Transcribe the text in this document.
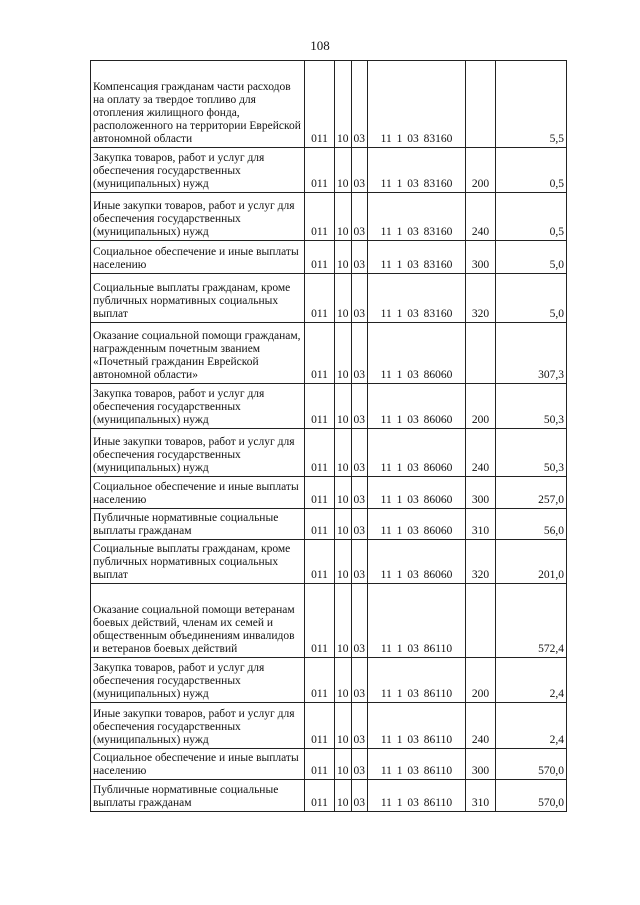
108
Компенсация гражданам части расходов на оплату за твердое топливо для отопления жилищного фонда, расположенного на территории Еврейской автономной области	011	10	03	11 1 03 83160		5,5
Закупка товаров, работ и услуг для обеспечения государственных (муниципальных) нужд	011	10	03	11 1 03 83160	200	0,5
Иные закупки товаров, работ и услуг для обеспечения государственных (муниципальных) нужд	011	10	03	11 1 03 83160	240	0,5
Социальное обеспечение и иные выплаты населению	011	10	03	11 1 03 83160	300	5,0
Социальные выплаты гражданам, кроме публичных нормативных социальных выплат	011	10	03	11 1 03 83160	320	5,0
Оказание социальной помощи гражданам, награжденным почетным званием «Почетный гражданин Еврейской автономной области»	011	10	03	11 1 03 86060		307,3
Закупка товаров, работ и услуг для обеспечения государственных (муниципальных) нужд	011	10	03	11 1 03 86060	200	50,3
Иные закупки товаров, работ и услуг для обеспечения государственных (муниципальных) нужд	011	10	03	11 1 03 86060	240	50,3
Социальное обеспечение и иные выплаты населению	011	10	03	11 1 03 86060	300	257,0
Публичные нормативные социальные выплаты гражданам	011	10	03	11 1 03 86060	310	56,0
Социальные выплаты гражданам, кроме публичных нормативных социальных выплат	011	10	03	11 1 03 86060	320	201,0
Оказание социальной помощи ветеранам боевых действий, членам их семей и общественным объединениям инвалидов и ветеранов боевых действий	011	10	03	11 1 03 86110		572,4
Закупка товаров, работ и услуг для обеспечения государственных (муниципальных) нужд	011	10	03	11 1 03 86110	200	2,4
Иные закупки товаров, работ и услуг для обеспечения государственных (муниципальных) нужд	011	10	03	11 1 03 86110	240	2,4
Социальное обеспечение и иные выплаты населению	011	10	03	11 1 03 86110	300	570,0
Публичные нормативные социальные выплаты гражданам	011	10	03	11 1 03 86110	310	570,0
